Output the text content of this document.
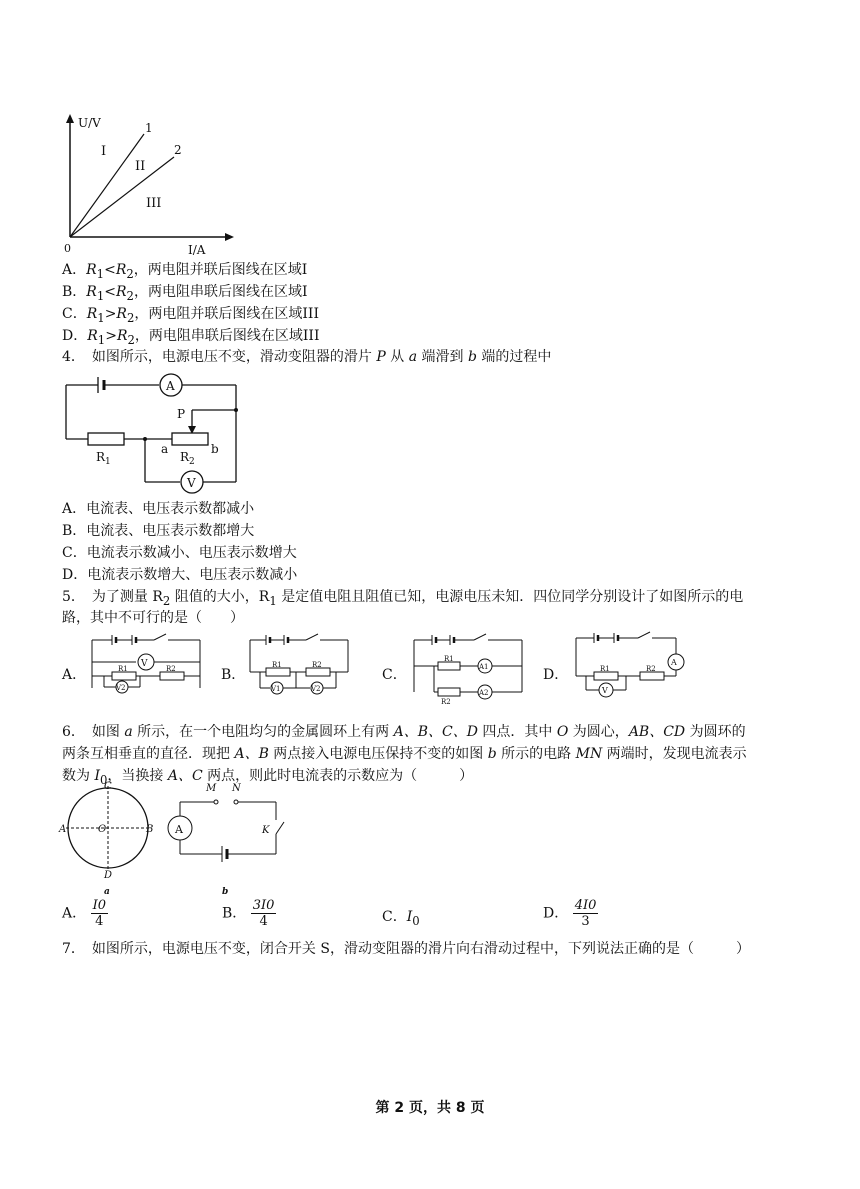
U/V
I/A
0
1
2
I
II
III
A．$R_1<R_2$，两电阻并联后图线在区域I
B．$R_1<R_2$，两电阻串联后图线在区域I
C．$R_1>R_2$，两电阻并联后图线在区域III
D．$R_1>R_2$，两电阻串联后图线在区域III
4．　如图所示，电源电压不变，滑动变阻器的滑片 P 从 a 端滑到 b 端的过程中
A
P
$R_1$	$R_2$
a	b
V
A．电流表、电压表示数都减小
B．电流表、电压表示数都增大
C．电流表示数减小、电压表示数增大
D．电流表示数增大、电压表示数减小
5．　为了测量 $R_2$ 阻值的大小，$R_1$ 是定值电阻且阻值已知，电源电压未知．四位同学分别设计了如图所示的电
路，其中不可行的是（　　）
A．
V
R1	R2
V2
B．
R1	R2
V1	V2
C．
R1
A1
R2
A2
D．
A
R1	R2
V
6．　如图 a 所示，在一个电阻均匀的金属圆环上有两 A、B、C、D 四点．其中 O 为圆心，AB、CD 为圆环的
两条互相垂直的直径．现把 A、B 两点接入电源电压保持不变的如图 b 所示的电路 MN 两端时，发现电流表示
数为 $I_0$，当换接 A、C 两点，则此时电流表的示数应为（　　　）
C
A	O	B
D
a
M N
A	K
b
A． $\frac{I0}{4}$	B． $\frac{3I0}{4}$	C．$I_0$	D． $\frac{4I0}{3}$
7．　如图所示，电源电压不变，闭合开关 S，滑动变阻器的滑片向右滑动过程中，下列说法正确的是（　　　）
第 2 页，共 8 页
